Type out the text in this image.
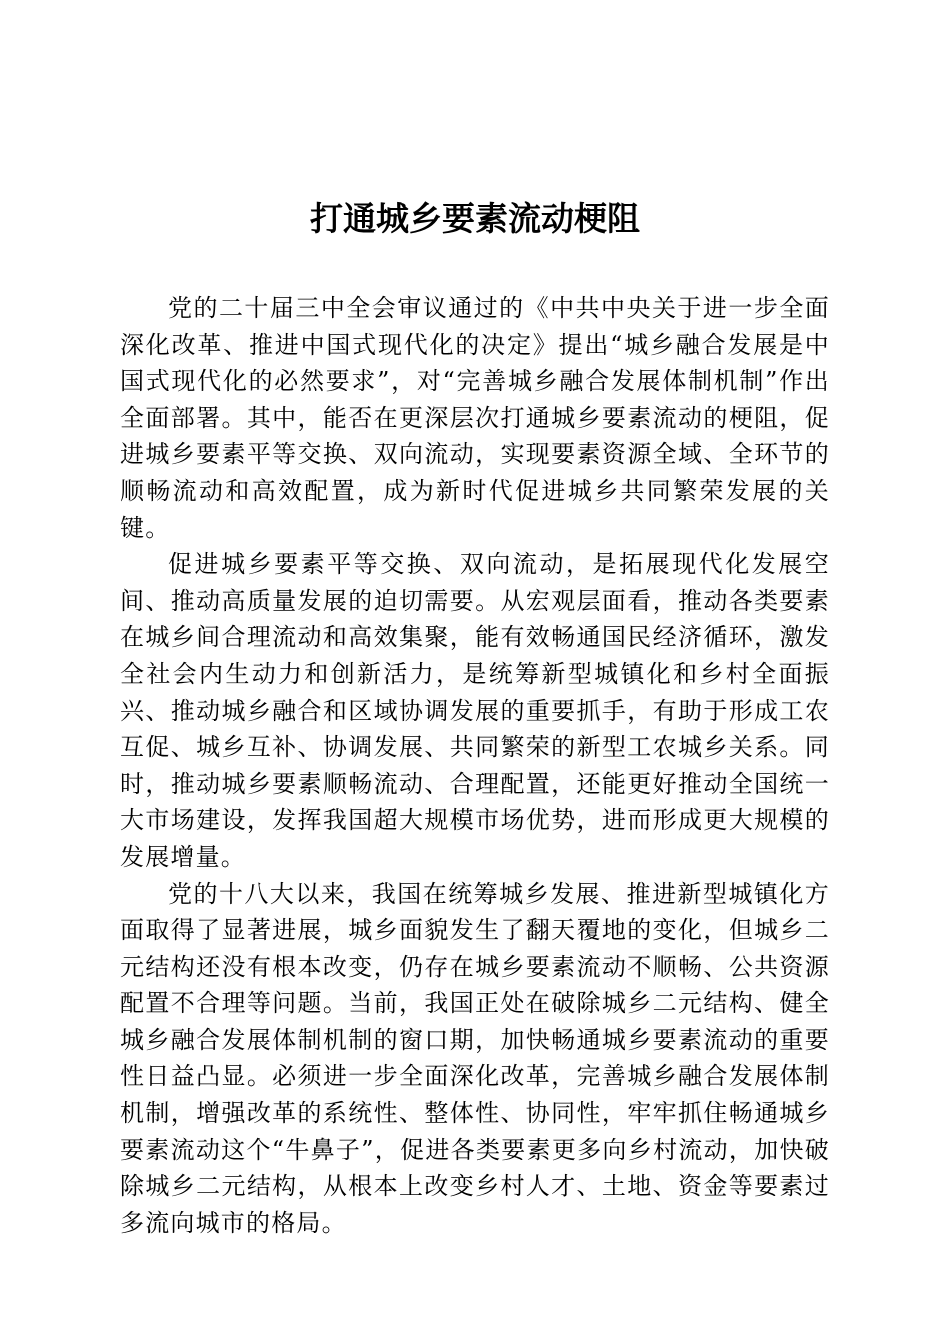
打通城乡要素流动梗阻

党的二十届三中全会审议通过的《中共中央关于进一步全面深化改革、推进中国式现代化的决定》提出“城乡融合发展是中国式现代化的必然要求”，对“完善城乡融合发展体制机制”作出全面部署。其中，能否在更深层次打通城乡要素流动的梗阻，促进城乡要素平等交换、双向流动，实现要素资源全域、全环节的顺畅流动和高效配置，成为新时代促进城乡共同繁荣发展的关键。

促进城乡要素平等交换、双向流动，是拓展现代化发展空间、推动高质量发展的迫切需要。从宏观层面看，推动各类要素在城乡间合理流动和高效集聚，能有效畅通国民经济循环，激发全社会内生动力和创新活力，是统筹新型城镇化和乡村全面振兴、推动城乡融合和区域协调发展的重要抓手，有助于形成工农互促、城乡互补、协调发展、共同繁荣的新型工农城乡关系。同时，推动城乡要素顺畅流动、合理配置，还能更好推动全国统一大市场建设，发挥我国超大规模市场优势，进而形成更大规模的发展增量。

党的十八大以来，我国在统筹城乡发展、推进新型城镇化方面取得了显著进展，城乡面貌发生了翻天覆地的变化，但城乡二元结构还没有根本改变，仍存在城乡要素流动不顺畅、公共资源配置不合理等问题。当前，我国正处在破除城乡二元结构、健全城乡融合发展体制机制的窗口期，加快畅通城乡要素流动的重要性日益凸显。必须进一步全面深化改革，完善城乡融合发展体制机制，增强改革的系统性、整体性、协同性，牢牢抓住畅通城乡要素流动这个“牛鼻子”，促进各类要素更多向乡村流动，加快破除城乡二元结构，从根本上改变乡村人才、土地、资金等要素过多流向城市的格局。
